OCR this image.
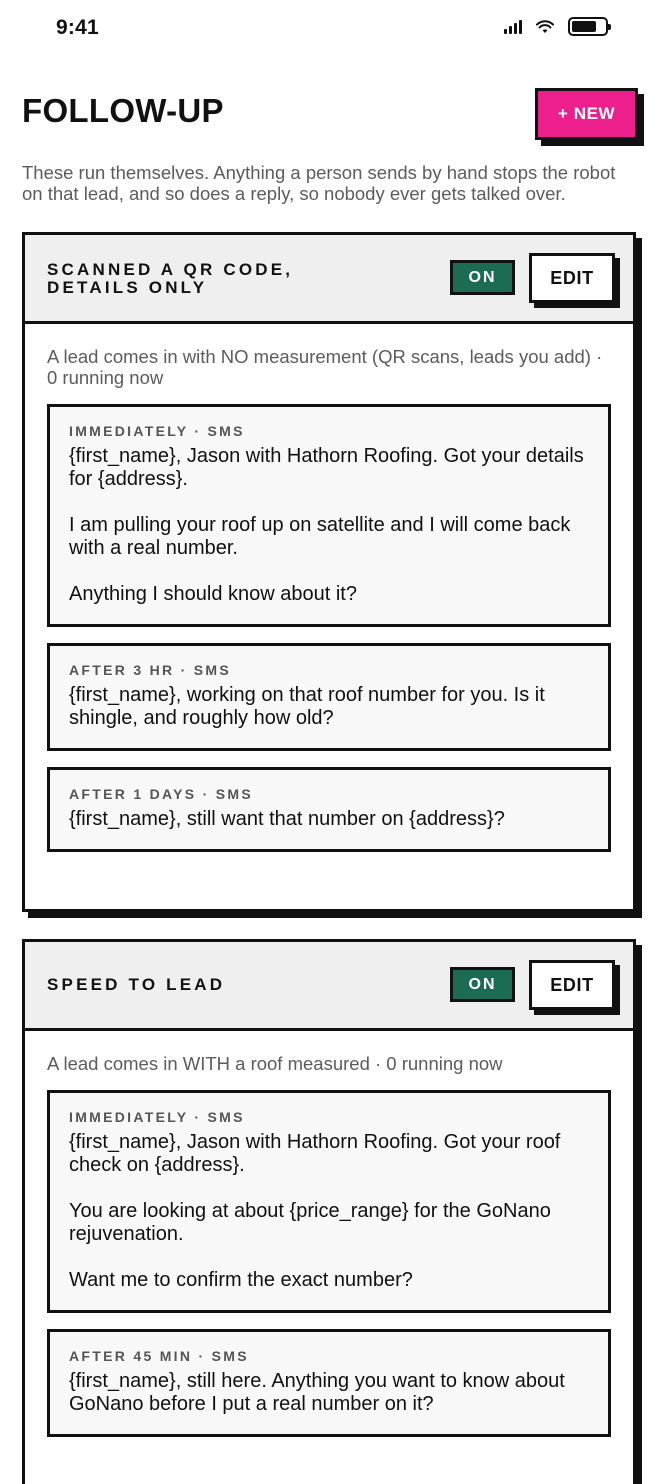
9:41
FOLLOW-UP	+ NEW

These run themselves. Anything a person sends by hand stops the robot on that lead, and so does a reply, so nobody ever gets talked over.

SCANNED A QR CODE,
DETAILS ONLY
ON	EDIT

A lead comes in with NO measurement (QR scans, leads you add) · 0 running now

IMMEDIATELY · SMS

{first_name}, Jason with Hathorn Roofing. Got your details for {address}.

I am pulling your roof up on satellite and I will come back with a real number.

Anything I should know about it?

AFTER 3 HR · SMS

{first_name}, working on that roof number for you. Is it shingle, and roughly how old?

AFTER 1 DAYS · SMS

{first_name}, still want that number on {address}?

SPEED TO LEAD	ON	EDIT

A lead comes in WITH a roof measured · 0 running now

IMMEDIATELY · SMS

{first_name}, Jason with Hathorn Roofing. Got your roof check on {address}.

You are looking at about {price_range} for the GoNano rejuvenation.

Want me to confirm the exact number?

AFTER 45 MIN · SMS

{first_name}, still here. Anything you want to know about GoNano before I put a real number on it?
